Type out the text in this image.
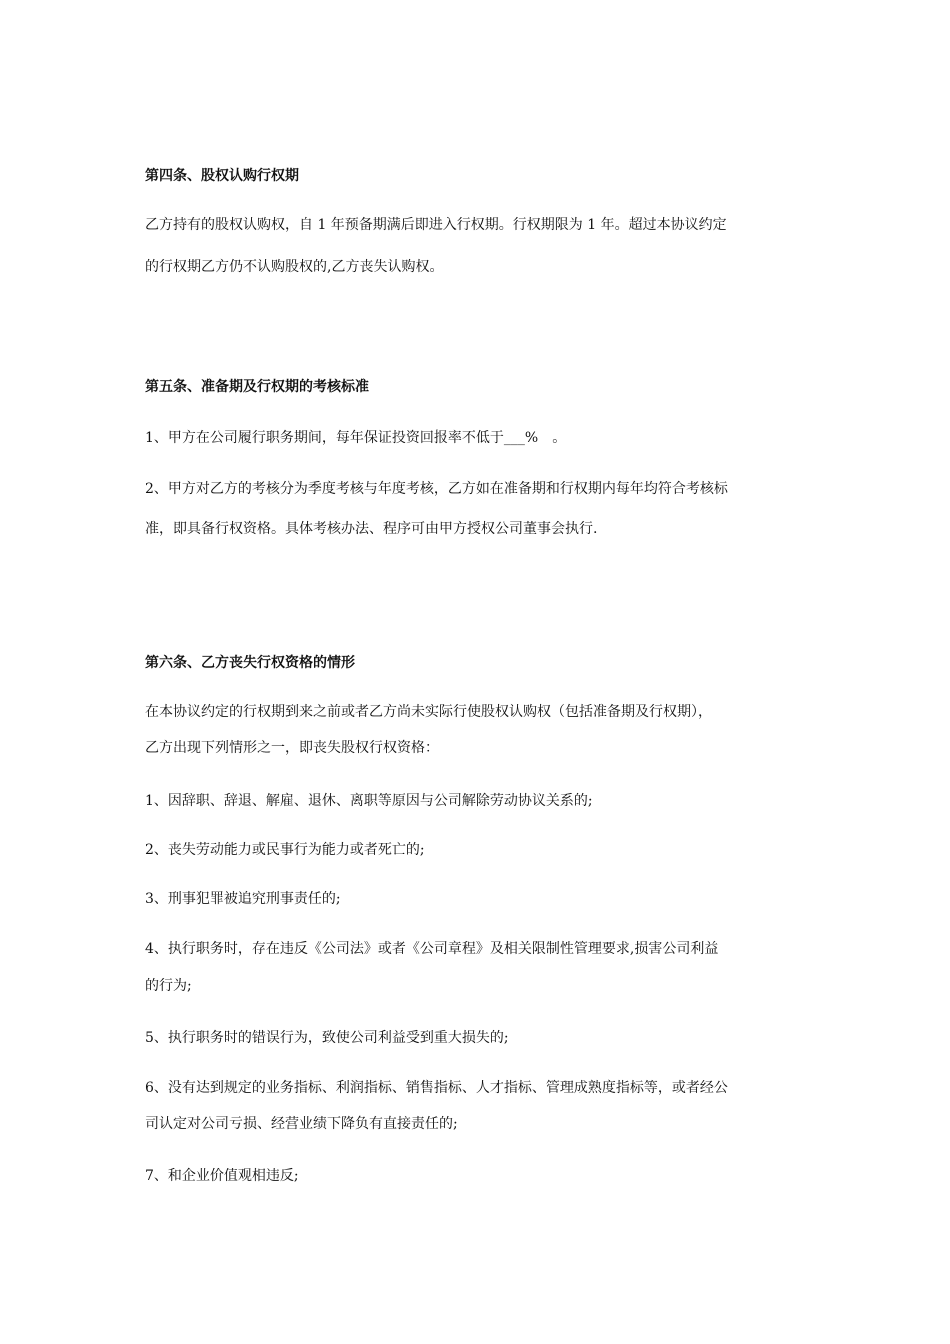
第四条、股权认购行权期
乙方持有的股权认购权，自 1 年预备期满后即进入行权期。行权期限为 1 年。超过本协议约定
的行权期乙方仍不认购股权的,乙方丧失认购权。
第五条、准备期及行权期的考核标准
1、甲方在公司履行职务期间，每年保证投资回报率不低于___%　。
2、甲方对乙方的考核分为季度考核与年度考核，乙方如在准备期和行权期内每年均符合考核标
准，即具备行权资格。具体考核办法、程序可由甲方授权公司董事会执行.
第六条、乙方丧失行权资格的情形
在本协议约定的行权期到来之前或者乙方尚未实际行使股权认购权（包括准备期及行权期），
乙方出现下列情形之一，即丧失股权行权资格：
1、因辞职、辞退、解雇、退休、离职等原因与公司解除劳动协议关系的;
2、丧失劳动能力或民事行为能力或者死亡的;
3、刑事犯罪被追究刑事责任的;
4、执行职务时，存在违反《公司法》或者《公司章程》及相关限制性管理要求,损害公司利益
的行为;
5、执行职务时的错误行为，致使公司利益受到重大损失的;
6、没有达到规定的业务指标、利润指标、销售指标、人才指标、管理成熟度指标等，或者经公
司认定对公司亏损、经营业绩下降负有直接责任的;
7、和企业价值观相违反;
